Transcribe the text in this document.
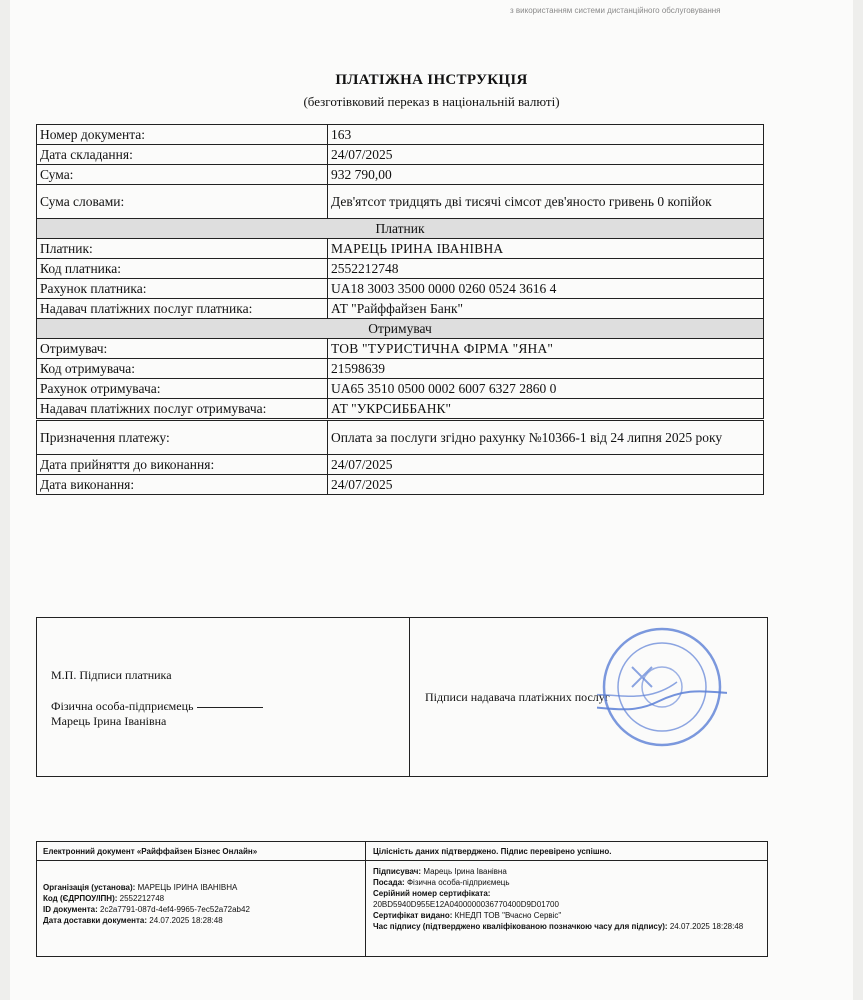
з використанням системи дистанційного обслуговування
ПЛАТІЖНА ІНСТРУКЦІЯ
(безготівковий переказ в національній валюті)
Номер документа:	163
Дата складання:	24/07/2025
Сума:	932 790,00
Сума словами:	Дев'ятсот тридцять дві тисячі сімсот дев'яносто гривень 0 копійок
Платник	
Платник:	МАРЕЦЬ ІРИНА ІВАНІВНА
Код платника:	2552212748
Рахунок платника:	UA18 3003 3500 0000 0260 0524 3616 4
Надавач платіжних послуг платника:	АТ "Райффайзен Банк"
Отримувач	
Отримувач:	ТОВ "ТУРИСТИЧНА ФІРМА "ЯНА"
Код отримувача:	21598639
Рахунок отримувача:	UA65 3510 0500 0002 6007 6327 2860 0
Надавач платіжних послуг отримувача:	АТ "УКРСИББАНК"
Призначення платежу:	Оплата за послуги згідно рахунку №10366-1 від 24 липня 2025 року
Дата прийняття до виконання:	24/07/2025
Дата виконання:	24/07/2025
М.П. Підписи платника
Фізична особа-підприємець
Марець Ірина Іванівна
Підписи надавача платіжних послуг
Електронний документ «Райффайзен Бізнес Онлайн»	Цілісність даних підтверджено. Підпис перевірено успішно.
Організація (установа): МАРЕЦЬ ІРИНА ІВАНІВНА
Код (ЄДРПОУ/ІПН): 2552212748
ID документа: 2c2a7791-087d-4ef4-9965-7ec52a72ab42
Дата доставки документа: 24.07.2025 18:28:48
Підписувач: Марець Ірина Іванівна
Посада: Фізична особа-підприємець
Серійний номер сертифіката:
20BD5940D955E12A0400000036770400D9D01700
Сертифікат видано: КНЕДП ТОВ "Вчасно Сервіс"
Час підпису (підтверджено кваліфікованою позначкою часу для підпису): 24.07.2025 18:28:48
